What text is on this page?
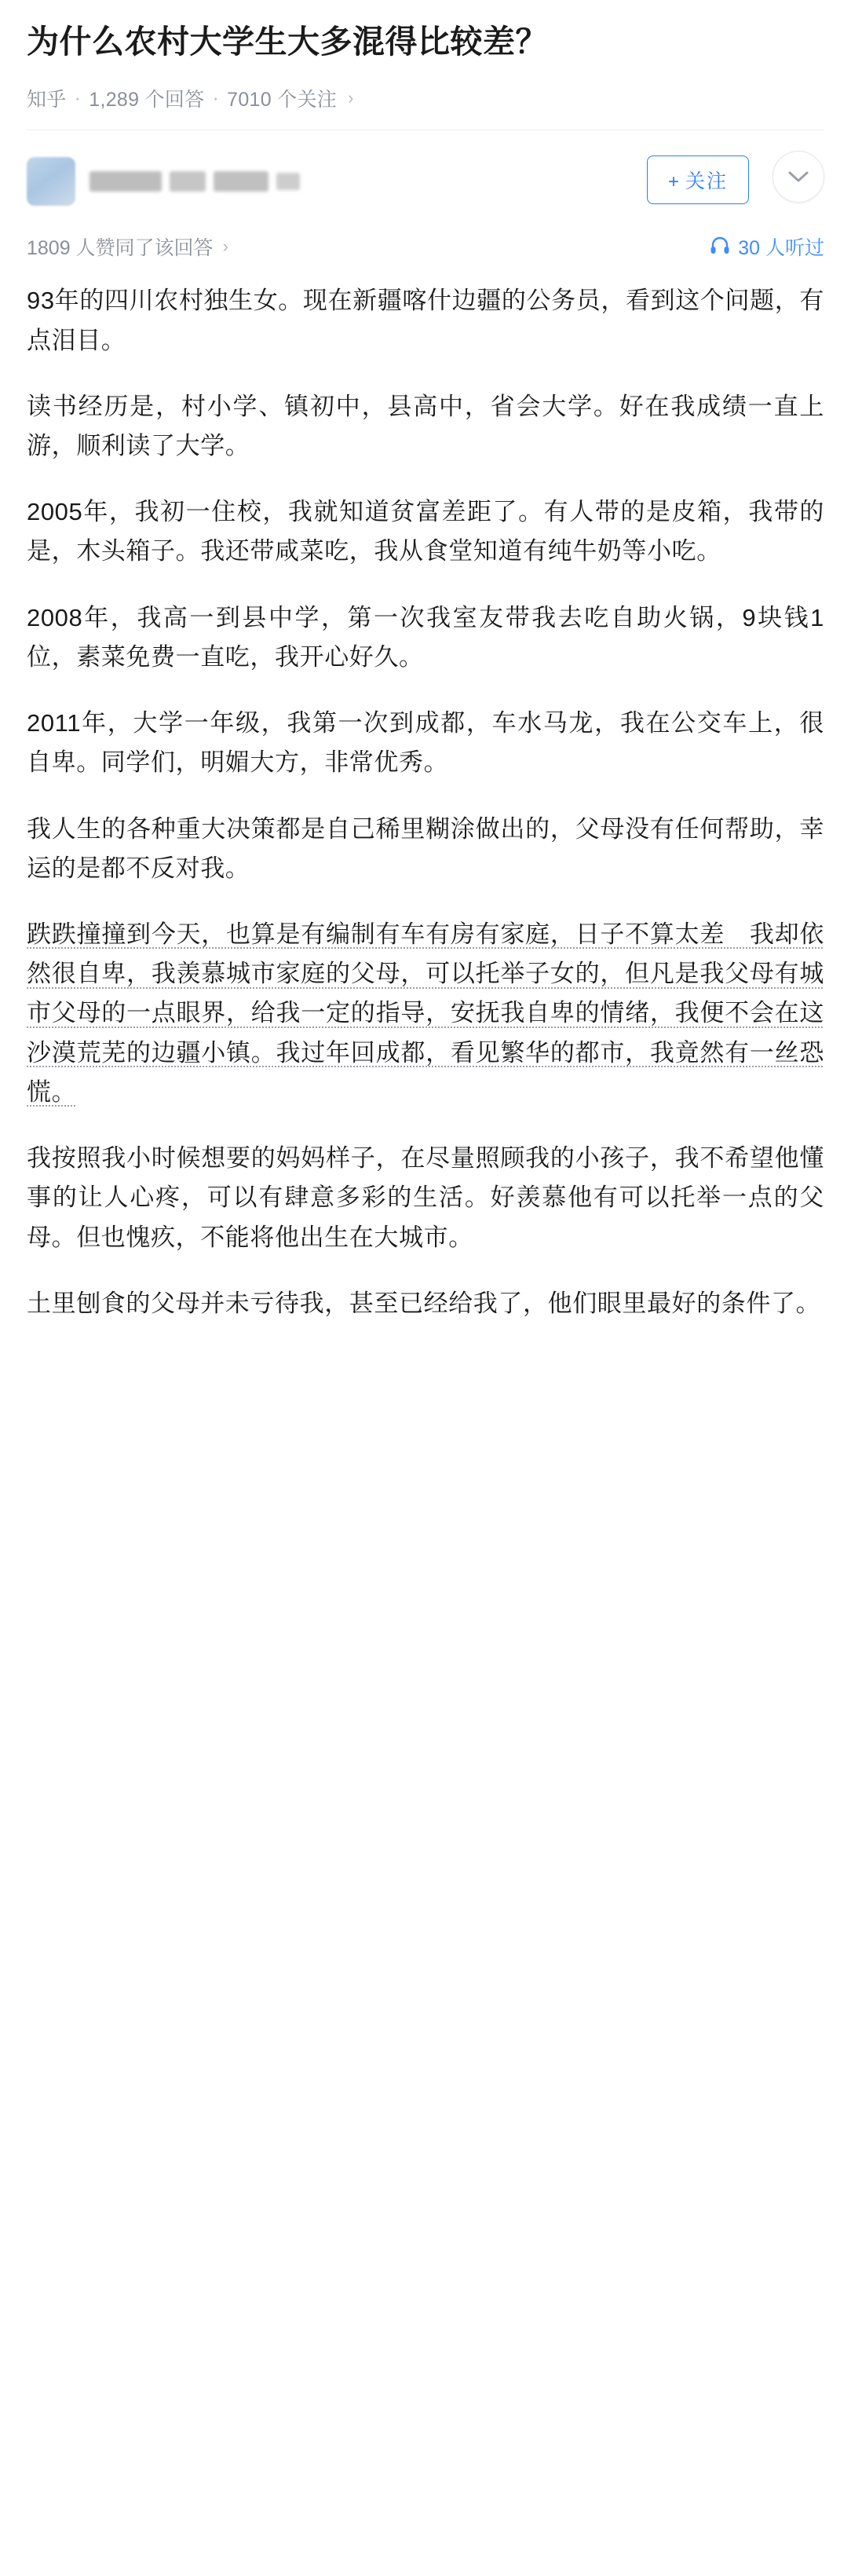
为什么农村大学生大多混得比较差？
知乎 · 1,289 个回答 · 7010 个关注 ›
+ 关注
1809 人赞同了该回答 ›	30 人听过

93年的四川农村独生女。现在新疆喀什边疆的公务员，看到这个问题，有点泪目。

读书经历是，村小学、镇初中，县高中，省会大学。好在我成绩一直上游，顺利读了大学。

2005年，我初一住校，我就知道贫富差距了。有人带的是皮箱，我带的是，木头箱子。我还带咸菜吃，我从食堂知道有纯牛奶等小吃。

2008年，我高一到县中学，第一次我室友带我去吃自助火锅，9块钱1位，素菜免费一直吃，我开心好久。

2011年，大学一年级，我第一次到成都，车水马龙，我在公交车上，很自卑。同学们，明媚大方，非常优秀。

我人生的各种重大决策都是自己稀里糊涂做出的，父母没有任何帮助，幸运的是都不反对我。

跌跌撞撞到今天，也算是有编制有车有房有家庭，日子不算太差　我却依然很自卑，我羡慕城市家庭的父母，可以托举子女的，但凡是我父母有城市父母的一点眼界，给我一定的指导，安抚我自卑的情绪，我便不会在这沙漠荒芜的边疆小镇。我过年回成都，看见繁华的都市，我竟然有一丝恐慌。

我按照我小时候想要的妈妈样子，在尽量照顾我的小孩子，我不希望他懂事的让人心疼，可以有肆意多彩的生活。好羡慕他有可以托举一点的父母。但也愧疚，不能将他出生在大城市。

土里刨食的父母并未亏待我，甚至已经给我了，他们眼里最好的条件了。
